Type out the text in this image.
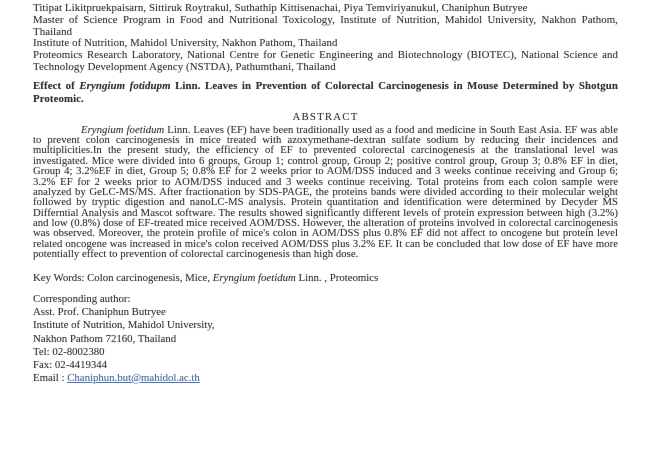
Titipat Likitpruekpaisarn, Sittiruk Roytrakul, Suthathip Kittisenachai, Piya Temviriyanukul, Chaniphun Butryee

Master of Science Program in Food and Nutritional Toxicology, Institute of Nutrition, Mahidol University, Nakhon Pathom, Thailand

Institute of Nutrition, Mahidol University, Nakhon Pathom, Thailand

Proteomics Research Laboratory, National Centre for Genetic Engineering and Biotechnology (BIOTEC), National Science and Technology Development Agency (NSTDA), Pathumthani, Thailand

Effect of Eryngium fotidupm Linn. Leaves in Prevention of Colorectal Carcinogenesis in Mouse Determined by Shotgun Proteomic.

ABSTRACT

Eryngium foetidum Linn. Leaves (EF) have been traditionally used as a food and medicine in South East Asia. EF was able to prevent colon carcinogenesis in mice treated with azoxymethane-dextran sulfate sodium by reducing their incidences and multiplicities.In the present study, the efficiency of EF to prevented colorectal carcinogenesis at the translational level was investigated. Mice were divided into 6 groups, Group 1; control group, Group 2; positive control group, Group 3; 0.8% EF in diet, Group 4; 3.2%EF in diet, Group 5; 0.8% EF for 2 weeks prior to AOM/DSS induced and 3 weeks continue receiving and Group 6; 3.2% EF for 2 weeks prior to AOM/DSS induced and 3 weeks continue receiving. Total proteins from each colon sample were analyzed by GeLC-MS/MS. After fractionation by SDS-PAGE, the proteins bands were divided according to their molecular weight followed by tryptic digestion and nanoLC-MS analysis. Protein quantitation and identification were determined by Decyder MS Differntial Analysis and Mascot software. The results showed significantly different levels of protein expression between high (3.2%) and low (0.8%) dose of EF-treated mice received AOM/DSS. However, the alteration of proteins involved in colorectal carcinogenesis was observed. Moreover, the protein profile of mice's colon in AOM/DSS plus 0.8% EF did not affect to oncogene but protein level related oncogene was increased in mice's colon received AOM/DSS plus 3.2% EF. It can be concluded that low dose of EF have more potentially effect to prevention of colorectal carcinogenesis than high dose.

Key Words: Colon carcinogenesis, Mice, Eryngium foetidum Linn. , Proteomics

Corresponding author:

Asst. Prof. Chaniphun Butryee

Institute of Nutrition, Mahidol University,

Nakhon Pathom 72160, Thailand

Tel: 02-8002380

Fax: 02-4419344

Email : Chaniphun.but@mahidol.ac.th
